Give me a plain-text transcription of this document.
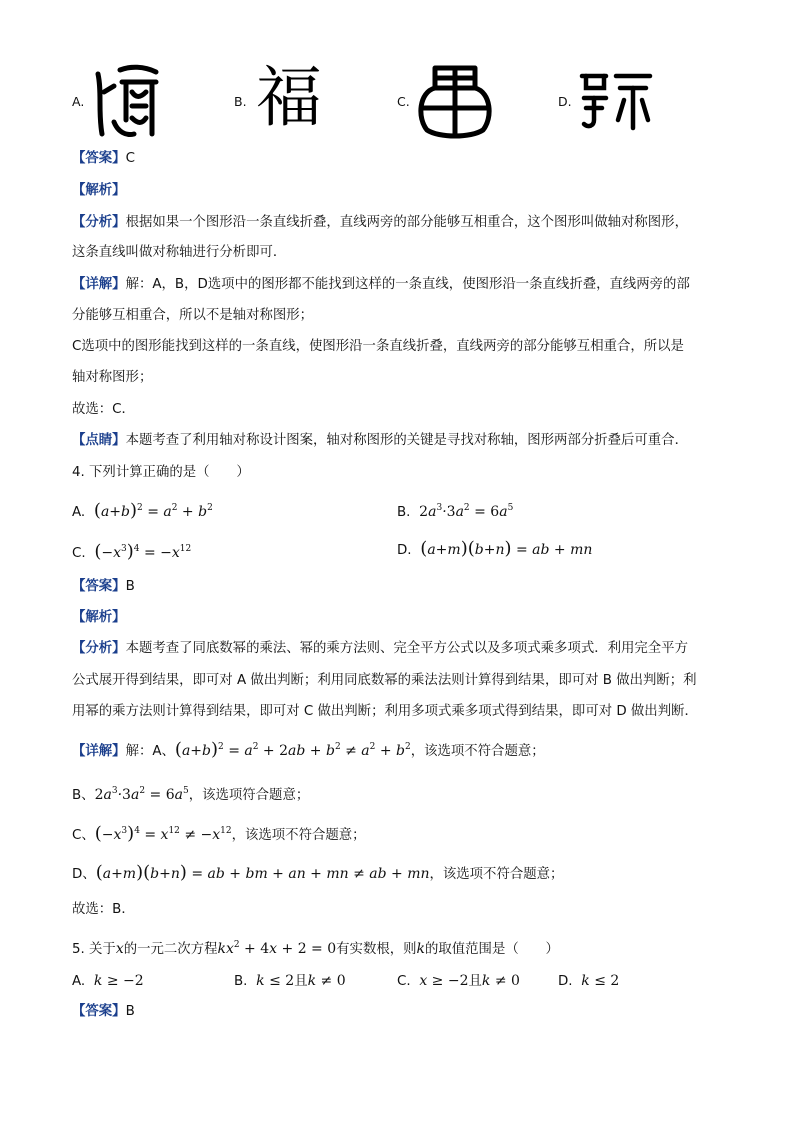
A.	B. 福	C.	D.
【答案】C
【解析】
【分析】根据如果一个图形沿一条直线折叠，直线两旁的部分能够互相重合，这个图形叫做轴对称图形，
这条直线叫做对称轴进行分析即可．
【详解】解：A，B，D选项中的图形都不能找到这样的一条直线，使图形沿一条直线折叠，直线两旁的部
分能够互相重合，所以不是轴对称图形；
C选项中的图形能找到这样的一条直线，使图形沿一条直线折叠，直线两旁的部分能够互相重合，所以是
轴对称图形；
故选：C．
【点睛】本题考查了利用轴对称设计图案，轴对称图形的关键是寻找对称轴，图形两部分折叠后可重合．
4. 下列计算正确的是（　　）
A. $(a+b)^2 = a^2 + b^2$	B. $2a^3\cdot 3a^2 = 6a^5$
C. $(-x^3)^4 = -x^{12}$	D. (a+m)(b+n) = ab + mn
【答案】B
【解析】
【分析】本题考查了同底数幂的乘法、幂的乘方法则、完全平方公式以及多项式乘多项式．利用完全平方
公式展开得到结果，即可对 A 做出判断；利用同底数幂的乘法法则计算得到结果，即可对 B 做出判断；利
用幂的乘方法则计算得到结果，即可对 C 做出判断；利用多项式乘多项式得到结果，即可对 D 做出判断．
【详解】解：A、$(a+b)^2 = a^2 + 2ab + b^2 \ne a^2 + b^2$，该选项不符合题意；
B、$2a^3\cdot 3a^2 = 6a^5$，该选项符合题意；
C、$(-x^3)^4 = x^{12} \ne -x^{12}$，该选项不符合题意；
D、(a+m)(b+n) = ab + bm + an + mn ≠ ab + mn，该选项不符合题意；
故选：B．
5. 关于x的一元二次方程$kx^2 + 4x + 2 = 0$有实数根，则k的取值范围是（　　）
A.  k ≥ −2	B.  k ≤ 2且k ≠ 0	C.  x ≥ −2且k ≠ 0	D.  k ≤ 2
【答案】B
